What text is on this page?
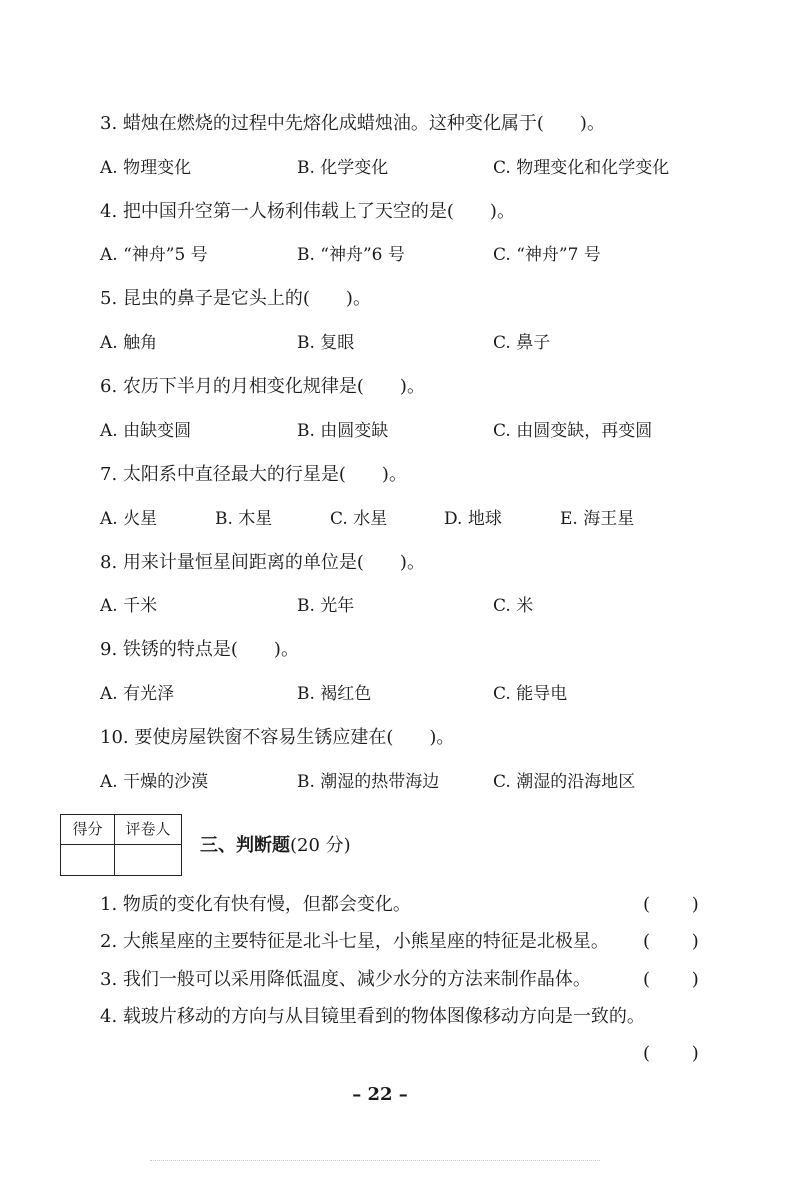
3. 蜡烛在燃烧的过程中先熔化成蜡烛油。这种变化属于(　　)。
A. 物理变化	B. 化学变化	C. 物理变化和化学变化
4. 把中国升空第一人杨利伟载上了天空的是(　　)。
A. “神舟”5 号	B. “神舟”6 号	C. “神舟”7 号
5. 昆虫的鼻子是它头上的(　　)。
A. 触角	B. 复眼	C. 鼻子
6. 农历下半月的月相变化规律是(　　)。
A. 由缺变圆	B. 由圆变缺	C. 由圆变缺，再变圆
7. 太阳系中直径最大的行星是(　　)。
A. 火星	B. 木星	C. 水星	D. 地球	E. 海王星
8. 用来计量恒星间距离的单位是(　　)。
A. 千米	B. 光年	C. 米
9. 铁锈的特点是(　　)。
A. 有光泽	B. 褐红色	C. 能导电
10. 要使房屋铁窗不容易生锈应建在(　　)。
A. 干燥的沙漠	B. 潮湿的热带海边	C. 潮湿的沿海地区
得分	评卷人
三、判断题(20 分)
1. 物质的变化有快有慢，但都会变化。	(　　 )
2. 大熊星座的主要特征是北斗七星，小熊星座的特征是北极星。 (　　 )
3. 我们一般可以采用降低温度、减少水分的方法来制作晶体。	(　　 )
4. 载玻片移动的方向与从目镜里看到的物体图像移动方向是一致的。
(　　 )
– 22 –
